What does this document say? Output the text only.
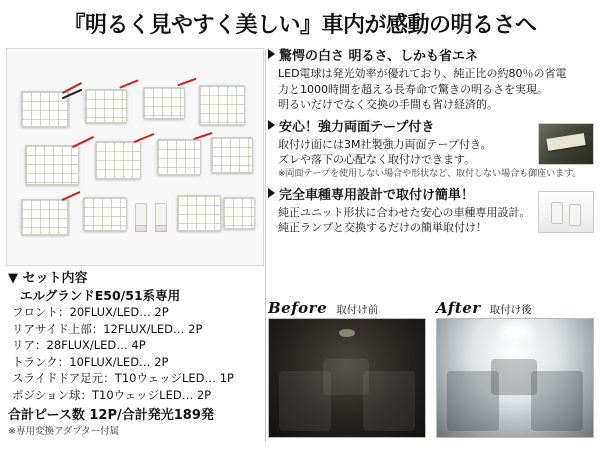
『明るく見やすく美しい』車内が感動の明るさへ
▼ セット内容
エルグランドE50/51系専用
フロント：20FLUX/LED… 2P
リアサイド上部：12FLUX/LED… 2P
リア：28FLUX/LED… 4P
トランク：10FLUX/LED… 2P
スライドドア足元：T10ウェッジLED… 1P
ポジション球：T10ウェッジLED… 2P
合計ピース数 12P/合計発光189発
※専用変換アダプター付属
驚愕の白さ 明るさ、しかも省エネ
LED電球は発光効率が優れており、純正比の約80％の省電
力と1000時間を超える長寿命で驚きの明るさを実現。
明るいだけでなく交換の手間も省け経済的。
安心！強力両面テープ付き
取付け面には3M社製強力両面テープ付き。
ズレや落下の心配なく取付けできます。
※両面テープを使用しない場合や形状など、取付しない場合も御座います。
完全車種専用設計で取付け簡単！
純正ユニット形状に合わせた安心の車種専用設計。
純正ランプと交換するだけの簡単取付け！
Before 取付け前	After 取付け後
